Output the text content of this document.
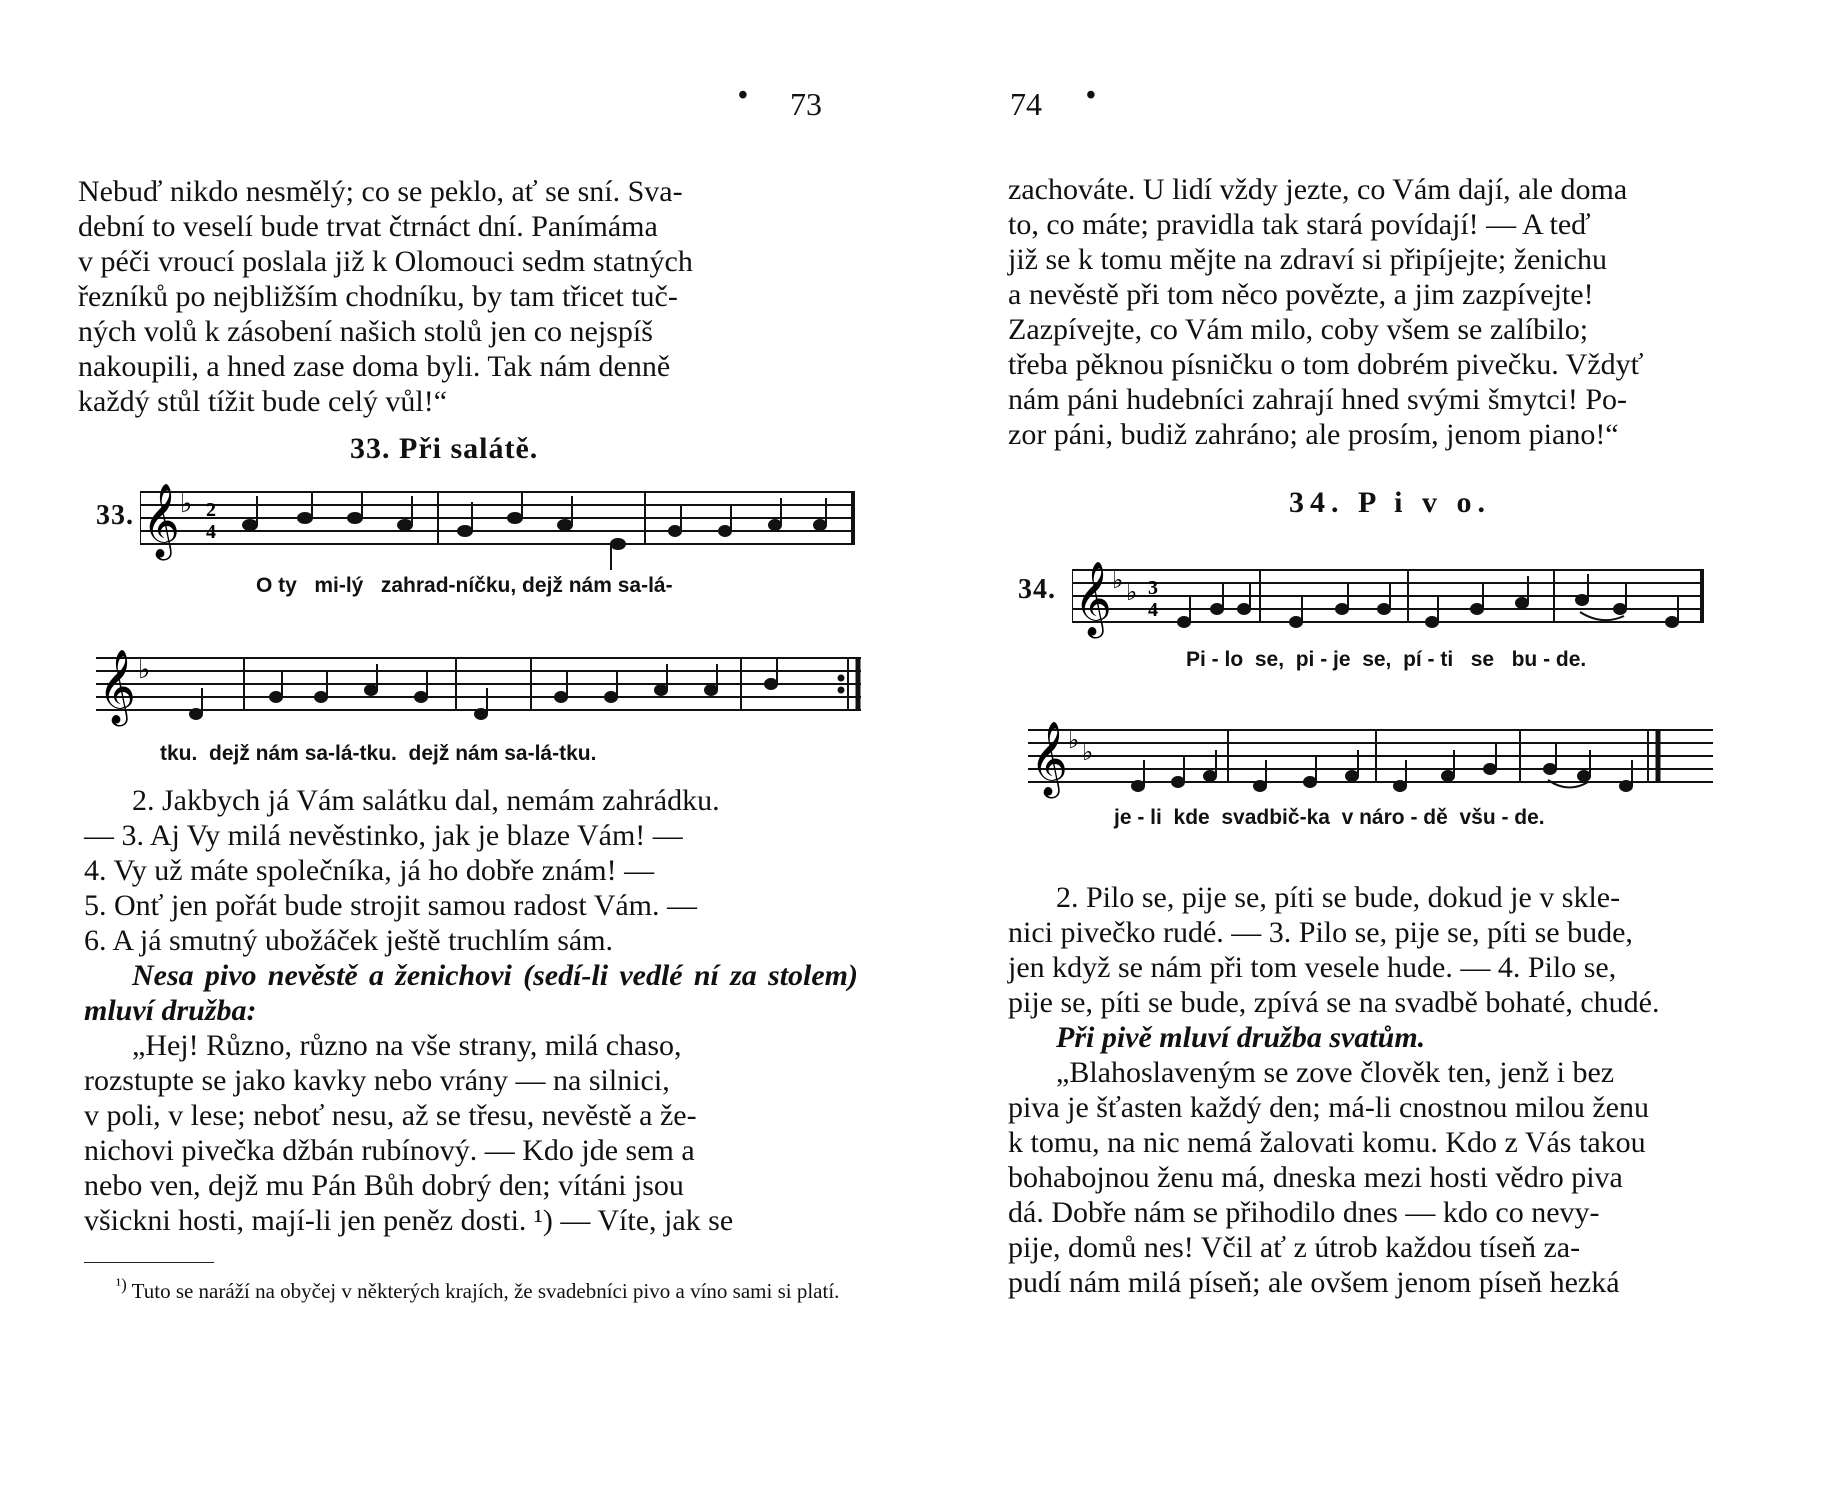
• 73

Nebuď nikdo nesmělý; co se peklo, ať se sní. Sva-

dební to veselí bude trvat čtrnáct dní. Panímáma

v péči vroucí poslala již k Olomouci sedm statných

řezníků po nejbližším chodníku, by tam třicet tuč-

ných volů k zásobení našich stolů jen co nejspíš

nakoupili, a hned zase doma byli. Tak nám denně

každý stůl tížit bude celý vůl!“

33. Při salátě.
33. 𝄞 ♭ 2
4
O ty   mi-lý   zahrad-níčku, dejž nám sa-lá-
𝄞 ♭
tku.  dejž nám sa-lá-tku.  dejž nám sa-lá-tku.

2. Jakbych já Vám salátku dal, nemám zahrádku.

— 3. Aj Vy milá nevěstinko, jak je blaze Vám! —

4. Vy už máte společníka, já ho dobře znám! —

5. Onť jen pořát bude strojit samou radost Vám. —

6. A já smutný ubožáček ještě truchlím sám.

Nesa pivo nevěstě a ženichovi (sedí-li vedlé ní za stolem) mluví družba:

„Hej! Různo, různo na vše strany, milá chaso,

rozstupte se jako kavky nebo vrány — na silnici,

v poli, v lese; neboť nesu, až se třesu, nevěstě a že-

nichovi pivečka džbán rubínový. — Kdo jde sem a

nebo ven, dejž mu Pán Bůh dobrý den; vítáni jsou

všickni hosti, mají-li jen peněz dosti. ¹) — Víte, jak se

$^{^1)}$ Tuto se naráží na obyčej v některých krajích, že svadebníci pivo a víno sami si platí.
74 •

zachováte. U lidí vždy jezte, co Vám dají, ale doma

to, co máte; pravidla tak stará povídají! — A teď

již se k tomu mějte na zdraví si připíjejte; ženichu

a nevěstě při tom něco povězte, a jim zazpívejte!

Zazpívejte, co Vám milo, coby všem se zalíbilo;

třeba pěknou písničku o tom dobrém pivečku. Vždyť

nám páni hudebníci zahrají hned svými šmytci! Po-

zor páni, budiž zahráno; ale prosím, jenom piano!“

34. P i v o.
34. 𝄞 ♭ ♭ 3
4
Pi - lo  se,  pi - je  se,  pí - ti   se   bu - de.
𝄞 ♭ ♭
je - li  kde  svadbič-ka  v náro - dě  všu - de.

2. Pilo se, pije se, píti se bude, dokud je v skle-

nici pivečko rudé. — 3. Pilo se, pije se, píti se bude,

jen když se nám při tom vesele hude. — 4. Pilo se,

pije se, píti se bude, zpívá se na svadbě bohaté, chudé.

Při pivě mluví družba svatům.

„Blahoslaveným se zove člověk ten, jenž i bez

piva je šťasten každý den; má-li cnostnou milou ženu

k tomu, na nic nemá žalovati komu. Kdo z Vás takou

bohabojnou ženu má, dneska mezi hosti vědro piva

dá. Dobře nám se přihodilo dnes — kdo co nevy-

pije, domů nes! Včil ať z útrob každou tíseň za-

pudí nám milá píseň; ale ovšem jenom píseň hezká
